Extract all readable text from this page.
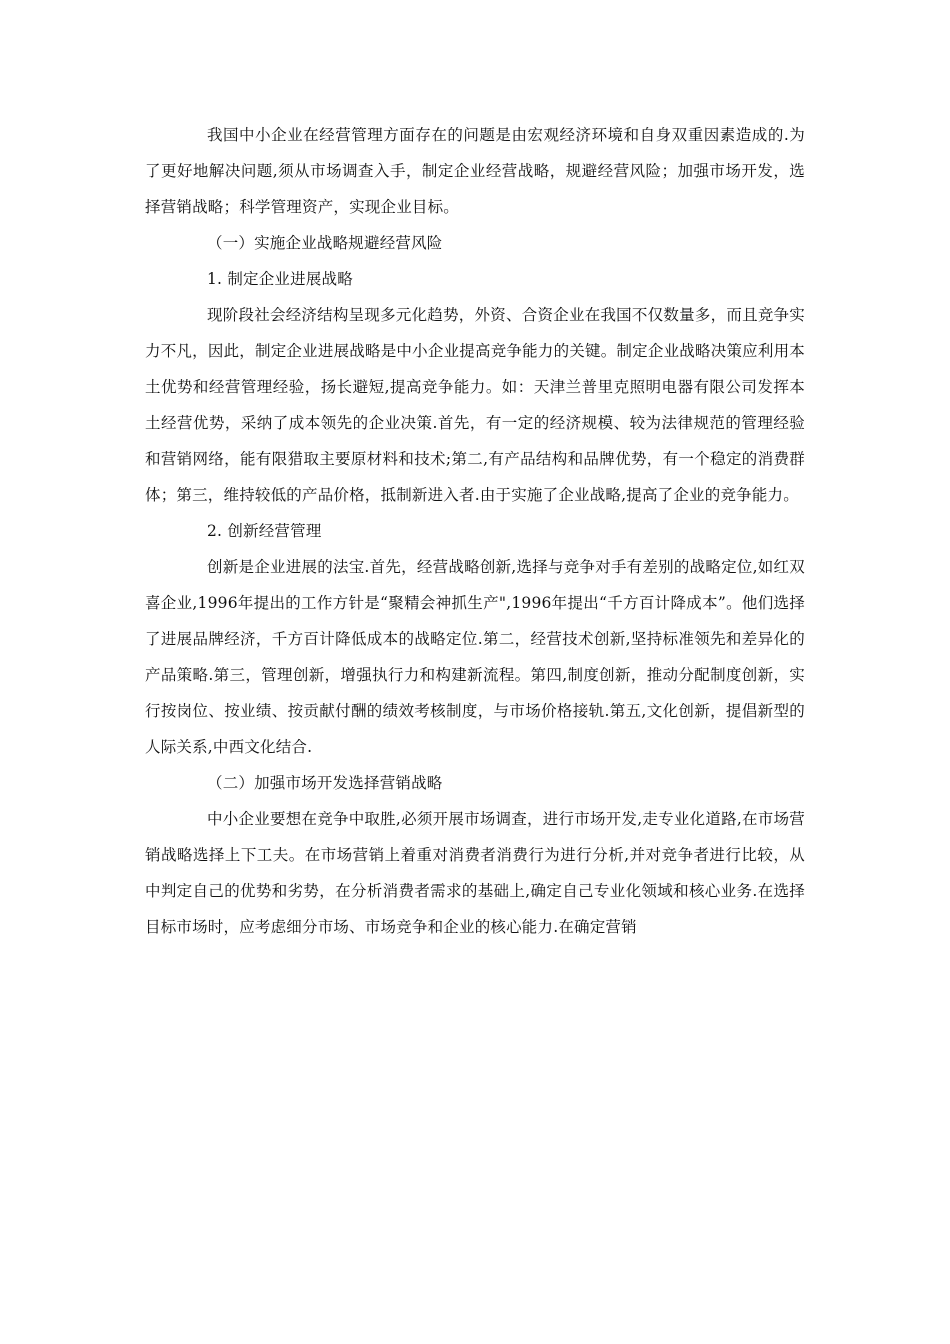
我国中小企业在经营管理方面存在的问题是由宏观经济环境和自身双重因素造成的.为了更好地解决问题,须从市场调查入手，制定企业经营战略，规避经营风险；加强市场开发，选择营销战略；科学管理资产，实现企业目标。

（一）实施企业战略规避经营风险

1. 制定企业进展战略

现阶段社会经济结构呈现多元化趋势，外资、合资企业在我国不仅数量多，而且竞争实力不凡，因此，制定企业进展战略是中小企业提高竞争能力的关键。制定企业战略决策应利用本土优势和经营管理经验，扬长避短,提高竞争能力。如：天津兰普里克照明电器有限公司发挥本土经营优势，采纳了成本领先的企业决策.首先，有一定的经济规模、较为法律规范的管理经验和营销网络，能有限猎取主要原材料和技术;第二,有产品结构和品牌优势，有一个稳定的消费群体；第三，维持较低的产品价格，抵制新进入者.由于实施了企业战略,提高了企业的竞争能力。

2. 创新经营管理

创新是企业进展的法宝.首先，经营战略创新,选择与竞争对手有差别的战略定位,如红双喜企业,1996年提出的工作方针是“聚精会神抓生产",1996年提出“千方百计降成本”。他们选择了进展品牌经济，千方百计降低成本的战略定位.第二，经营技术创新,坚持标准领先和差异化的产品策略.第三，管理创新，增强执行力和构建新流程。第四,制度创新，推动分配制度创新，实行按岗位、按业绩、按贡献付酬的绩效考核制度，与市场价格接轨.第五,文化创新，提倡新型的人际关系,中西文化结合.

（二）加强市场开发选择营销战略

中小企业要想在竞争中取胜,必须开展市场调查，进行市场开发,走专业化道路,在市场营销战略选择上下工夫。在市场营销上着重对消费者消费行为进行分析,并对竞争者进行比较，从中判定自己的优势和劣势，在分析消费者需求的基础上,确定自己专业化领域和核心业务.在选择目标市场时，应考虑细分市场、市场竞争和企业的核心能力.在确定营销
